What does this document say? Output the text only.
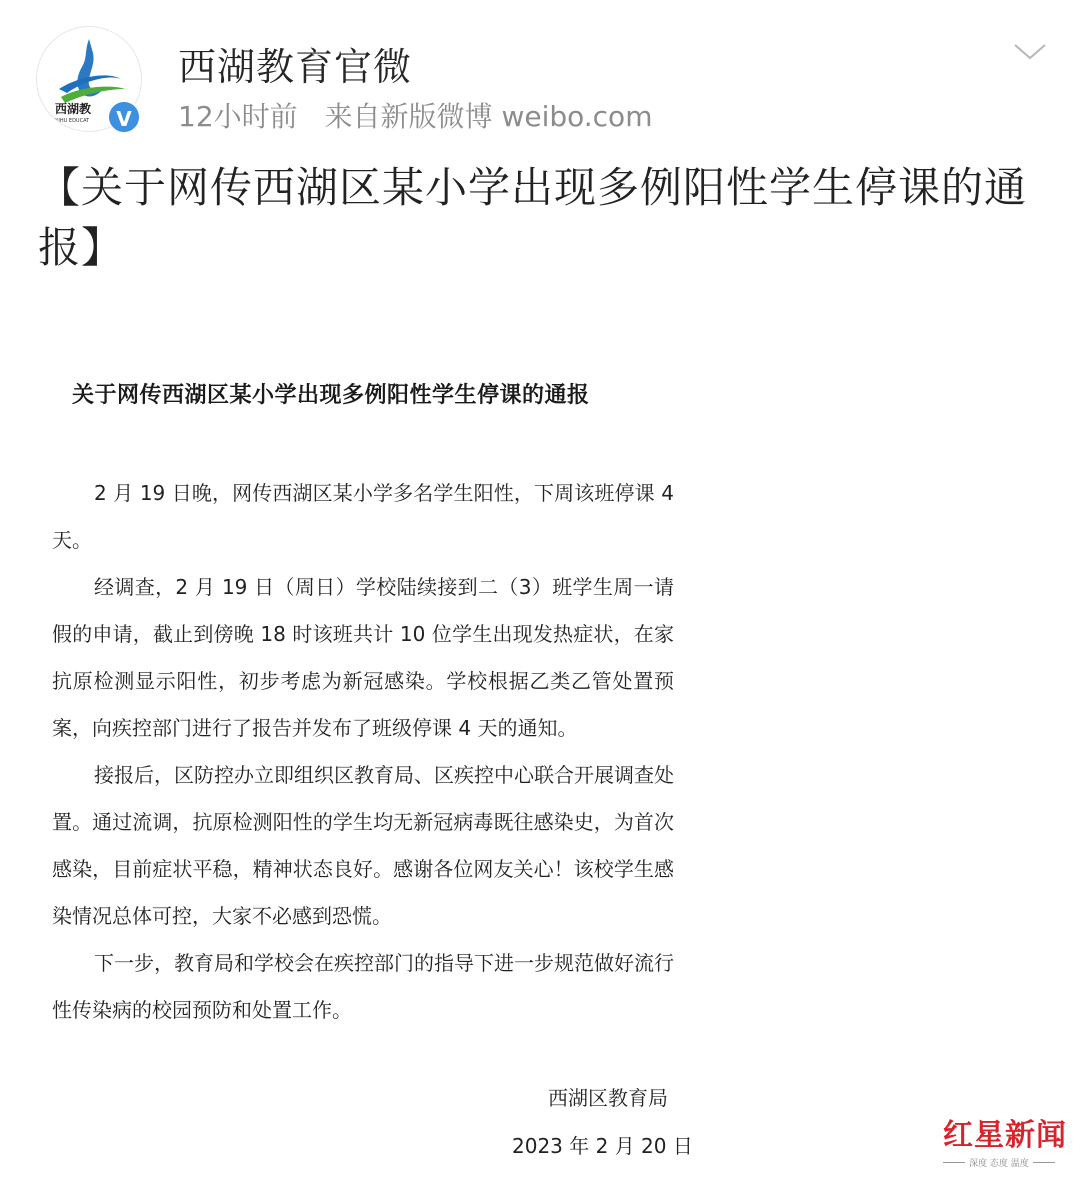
西湖教
XIHU EDUCAT	V
西湖教育官微
12小时前 来自新版微博 weibo.com
【关于网传西湖区某小学出现多例阳性学生停课的通报】
关于网传西湖区某小学出现多例阳性学生停课的通报

2 月 19 日晚，网传西湖区某小学多名学生阳性，下周该班停课 4 天。

经调查，2 月 19 日（周日）学校陆续接到二（3）班学生周一请假的申请，截止到傍晚 18 时该班共计 10 位学生出现发热症状，在家抗原检测显示阳性，初步考虑为新冠感染。学校根据乙类乙管处置预案，向疾控部门进行了报告并发布了班级停课 4 天的通知。

接报后，区防控办立即组织区教育局、区疾控中心联合开展调查处置。通过流调，抗原检测阳性的学生均无新冠病毒既往感染史，为首次感染，目前症状平稳，精神状态良好。感谢各位网友关心！该校学生感染情况总体可控，大家不必感到恐慌。

下一步，教育局和学校会在疾控部门的指导下进一步规范做好流行性传染病的校园预防和处置工作。

西湖区教育局
2023 年 2 月 20 日	红星新闻
深度 态度 温度
